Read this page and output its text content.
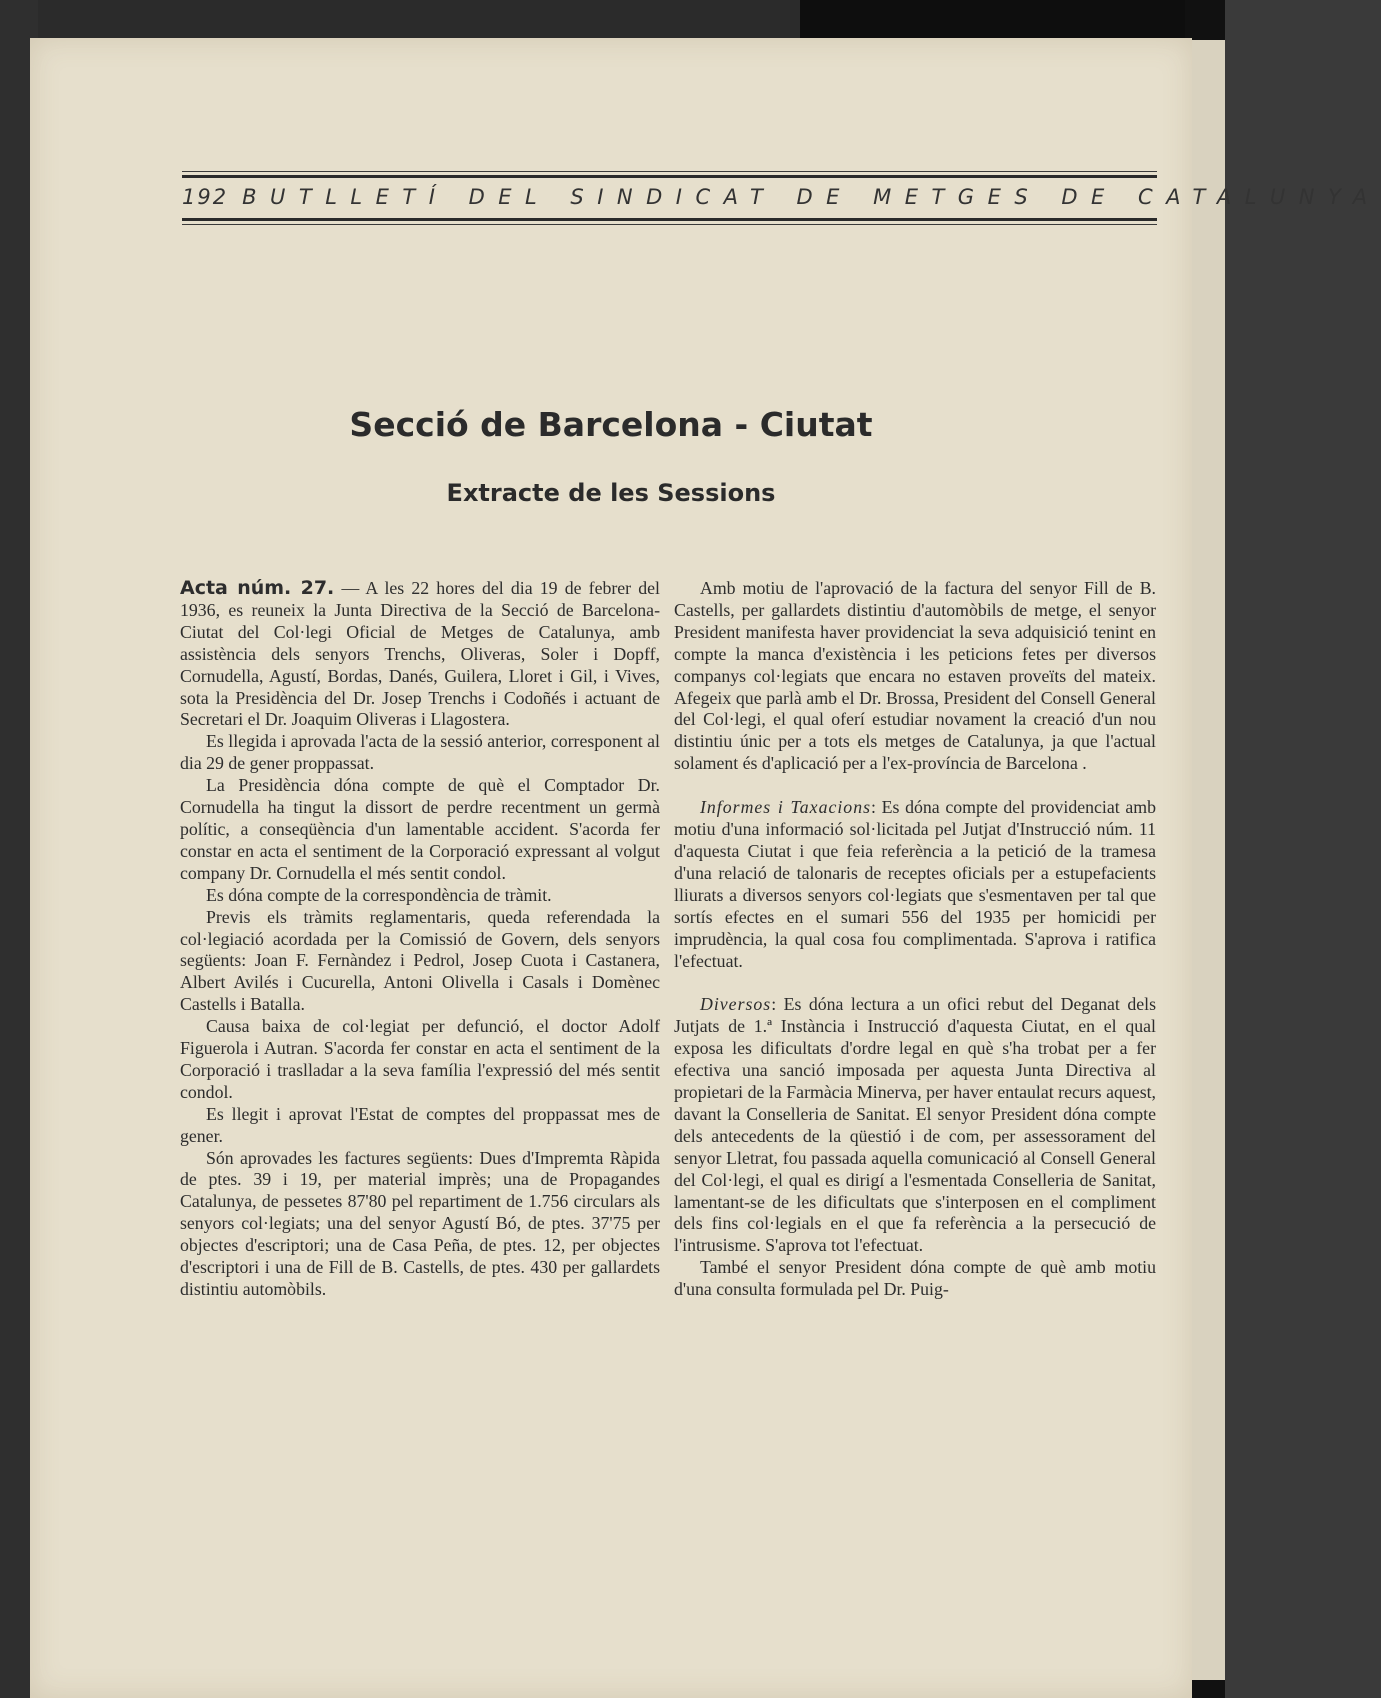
192 BUTLLETÍ DEL SINDICAT DE METGES DE CATALUNYA
Secció de Barcelona - Ciutat
Extracte de les Sessions

Acta núm. 27. — A les 22 hores del dia 19 de febrer del 1936, es reuneix la Junta Directiva de la Secció de Barcelona-Ciutat del Col·legi Oficial de Metges de Catalunya, amb assistència dels senyors Trenchs, Oliveras, Soler i Dopff, Cornudella, Agustí, Bordas, Danés, Guilera, Lloret i Gil, i Vives, sota la Presidència del Dr. Josep Trenchs i Codoñés i actuant de Secretari el Dr. Joaquim Oliveras i Llagostera.

Es llegida i aprovada l'acta de la sessió anterior, corresponent al dia 29 de gener proppassat.

La Presidència dóna compte de què el Comptador Dr. Cornudella ha tingut la dissort de perdre recentment un germà polític, a conseqüència d'un lamentable accident. S'acorda fer constar en acta el sentiment de la Corporació expressant al volgut company Dr. Cornudella el més sentit condol.

Es dóna compte de la correspondència de tràmit.

Previs els tràmits reglamentaris, queda referendada la col·legiació acordada per la Comissió de Govern, dels senyors següents: Joan F. Fernàndez i Pedrol, Josep Cuota i Castanera, Albert Avilés i Cucurella, Antoni Olivella i Casals i Domènec Castells i Batalla.

Causa baixa de col·legiat per defunció, el doctor Adolf Figuerola i Autran. S'acorda fer constar en acta el sentiment de la Corporació i traslladar a la seva família l'expressió del més sentit condol.

Es llegit i aprovat l'Estat de comptes del proppassat mes de gener.

Són aprovades les factures següents: Dues d'Impremta Ràpida de ptes. 39 i 19, per material imprès; una de Propagandes Catalunya, de pessetes 87'80 pel repartiment de 1.756 circulars als senyors col·legiats; una del senyor Agustí Bó, de ptes. 37'75 per objectes d'escriptori; una de Casa Peña, de ptes. 12, per objectes d'escriptori i una de Fill de B. Castells, de ptes. 430 per gallardets distintiu automòbils.

Amb motiu de l'aprovació de la factura del senyor Fill de B. Castells, per gallardets distintiu d'automòbils de metge, el senyor President manifesta haver providenciat la seva adquisició tenint en compte la manca d'existència i les peticions fetes per diversos companys col·legiats que encara no estaven proveïts del mateix. Afegeix que parlà amb el Dr. Brossa, President del Consell General del Col·legi, el qual oferí estudiar novament la creació d'un nou distintiu únic per a tots els metges de Catalunya, ja que l'actual solament és d'aplicació per a l'ex-província de Barcelona .

Informes i Taxacions: Es dóna compte del providenciat amb motiu d'una informació sol·licitada pel Jutjat d'Instrucció núm. 11 d'aquesta Ciutat i que feia referència a la petició de la tramesa d'una relació de talonaris de receptes oficials per a estupefacients lliurats a diversos senyors col·legiats que s'esmentaven per tal que sortís efectes en el sumari 556 del 1935 per homicidi per imprudència, la qual cosa fou complimentada. S'aprova i ratifica l'efectuat.

Diversos: Es dóna lectura a un ofici rebut del Deganat dels Jutjats de 1.ª Instància i Instrucció d'aquesta Ciutat, en el qual exposa les dificultats d'ordre legal en què s'ha trobat per a fer efectiva una sanció imposada per aquesta Junta Directiva al propietari de la Farmàcia Minerva, per haver entaulat recurs aquest, davant la Conselleria de Sanitat. El senyor President dóna compte dels antecedents de la qüestió i de com, per assessorament del senyor Lletrat, fou passada aquella comunicació al Consell General del Col·legi, el qual es dirigí a l'esmentada Conselleria de Sanitat, lamentant-se de les dificultats que s'interposen en el compliment dels fins col·legials en el que fa referència a la persecució de l'intrusisme. S'aprova tot l'efectuat.

També el senyor President dóna compte de què amb motiu d'una consulta formulada pel Dr. Puig-
